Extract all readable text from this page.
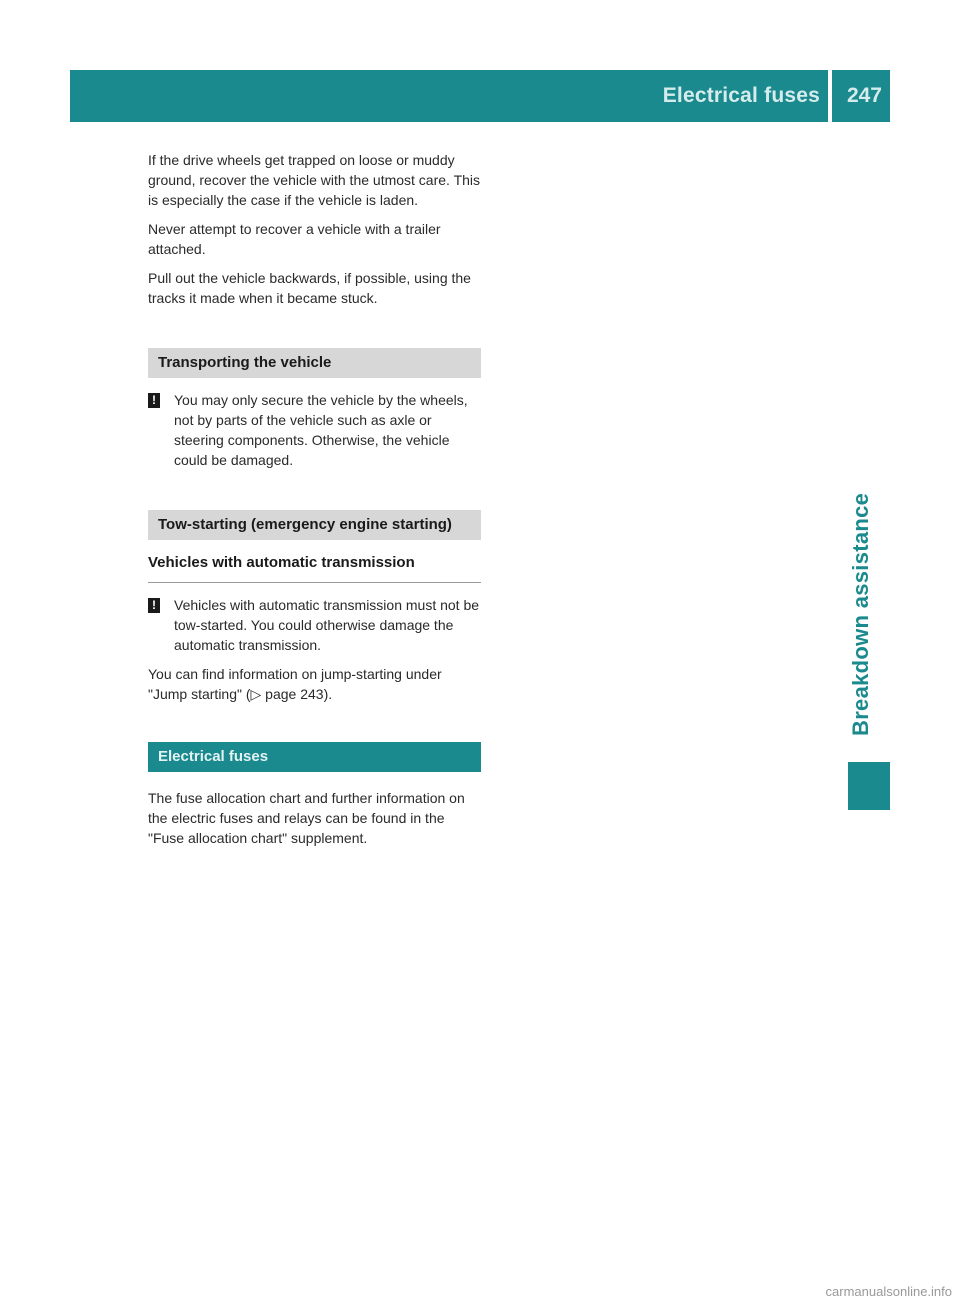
Electrical fuses 247
Breakdown assistance

If the drive wheels get trapped on loose or muddy ground, recover the vehicle with the utmost care. This is especially the case if the vehicle is laden.

Never attempt to recover a vehicle with a trailer attached.

Pull out the vehicle backwards, if possible, using the tracks it made when it became stuck.

Transporting the vehicle
! You may only secure the vehicle by the wheels, not by parts of the vehicle such as axle or steering components. Otherwise, the vehicle could be damaged.
Tow-starting (emergency engine starting)
Vehicles with automatic transmission
! Vehicles with automatic transmission must not be tow-started. You could otherwise damage the automatic transmission.

You can find information on jump-starting under "Jump starting" (▷ page 243).

Electrical fuses

The fuse allocation chart and further information on the electric fuses and relays can be found in the "Fuse allocation chart" supplement.

carmanualsonline.info
